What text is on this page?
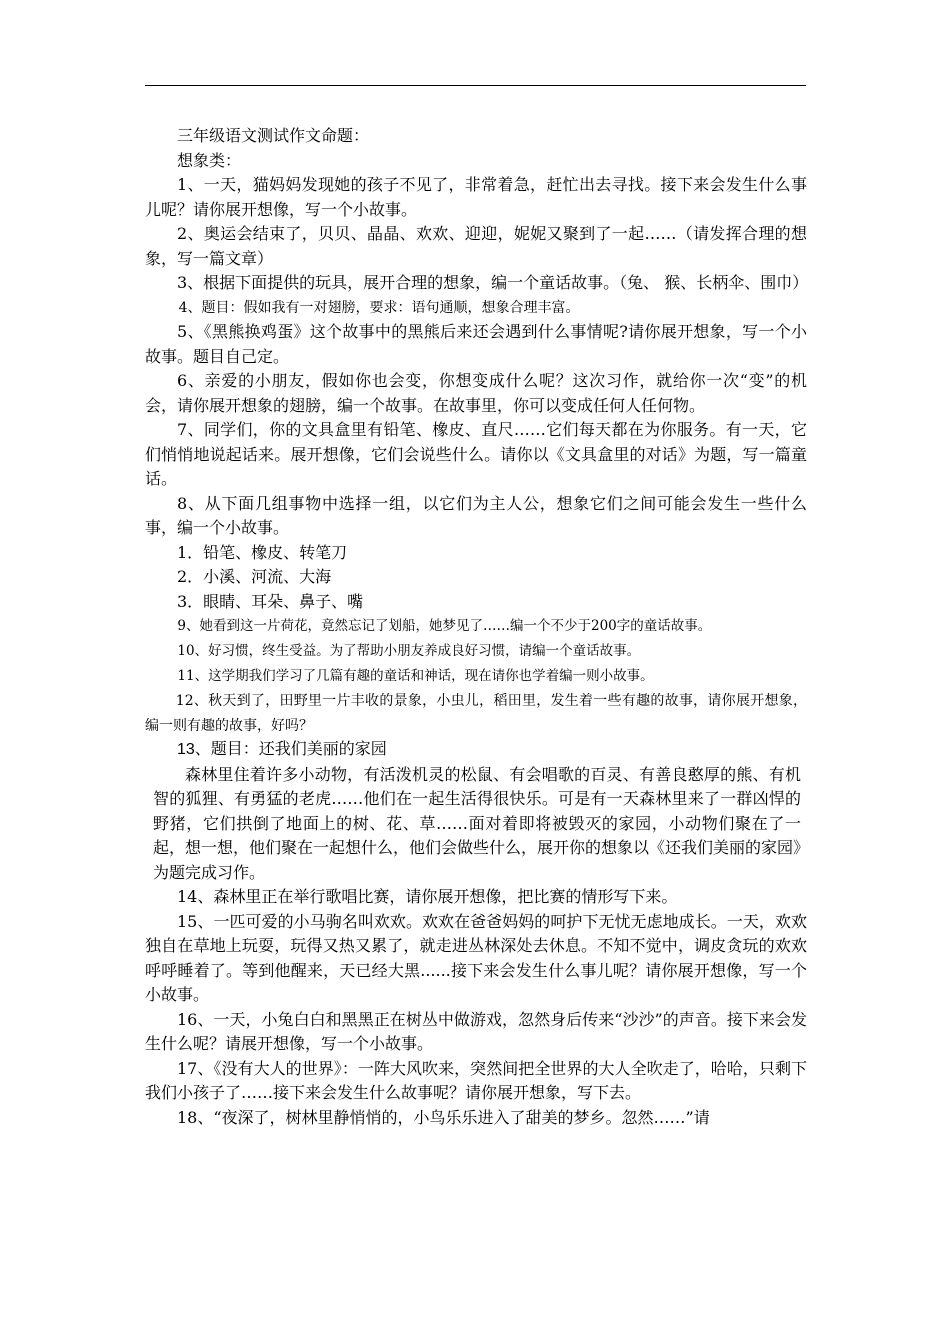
三年级语文测试作文命题：

想象类：

1、一天，猫妈妈发现她的孩子不见了，非常着急，赶忙出去寻找。接下来会发生什么事儿呢？请你展开想像，写一个小故事。

2、奥运会结束了，贝贝、晶晶、欢欢、迎迎，妮妮又聚到了一起……（请发挥合理的想象，写一篇文章）

3、根据下面提供的玩具，展开合理的想象，编一个童话故事。（兔、 猴、长柄伞、围巾）

4、题目：假如我有一对翅膀，要求：语句通顺，想象合理丰富。

5、《黑熊换鸡蛋》这个故事中的黑熊后来还会遇到什么事情呢?请你展开想象，写一个小故事。题目自己定。

6、亲爱的小朋友，假如你也会变，你想变成什么呢？这次习作，就给你一次“变”的机会，请你展开想象的翅膀，编一个故事。在故事里，你可以变成任何人任何物。

7、同学们，你的文具盒里有铅笔、橡皮、直尺……它们每天都在为你服务。有一天，它们悄悄地说起话来。展开想像，它们会说些什么。请你以《文具盒里的对话》为题，写一篇童话。

8、从下面几组事物中选择一组，以它们为主人公，想象它们之间可能会发生一些什么事，编一个小故事。

1．铅笔、橡皮、转笔刀

2．小溪、河流、大海

3．眼睛、耳朵、鼻子、嘴

9、她看到这一片荷花，竟然忘记了划船，她梦见了……编一个不少于200字的童话故事。

10、好习惯，终生受益。为了帮助小朋友养成良好习惯，请编一个童话故事。

11、这学期我们学习了几篇有趣的童话和神话，现在请你也学着编一则小故事。

12、秋天到了，田野里一片丰收的景象，小虫儿，稻田里，发生着一些有趣的故事，请你展开想象，编一则有趣的故事，好吗？

13、题目：还我们美丽的家园

森林里住着许多小动物，有活泼机灵的松鼠、有会唱歌的百灵、有善良憨厚的熊、有机智的狐狸、有勇猛的老虎……他们在一起生活得很快乐。可是有一天森林里来了一群凶悍的野猪，它们拱倒了地面上的树、花、草……面对着即将被毁灭的家园，小动物们聚在了一起，想一想，他们聚在一起想什么，他们会做些什么，展开你的想象以《还我们美丽的家园》为题完成习作。

14、森林里正在举行歌唱比赛，请你展开想像，把比赛的情形写下来。

15、一匹可爱的小马驹名叫欢欢。欢欢在爸爸妈妈的呵护下无忧无虑地成长。一天，欢欢独自在草地上玩耍，玩得又热又累了，就走进丛林深处去休息。不知不觉中，调皮贪玩的欢欢呼呼睡着了。等到他醒来，天已经大黑......接下来会发生什么事儿呢？请你展开想像，写一个小故事。

16、一天，小兔白白和黑黑正在树丛中做游戏，忽然身后传来“沙沙”的声音。接下来会发生什么呢？请展开想像，写一个小故事。

17、《没有大人的世界》：一阵大风吹来，突然间把全世界的大人全吹走了，哈哈，只剩下我们小孩子了……接下来会发生什么故事呢？请你展开想象，写下去。

18、“夜深了，树林里静悄悄的，小鸟乐乐进入了甜美的梦乡。忽然……”请
